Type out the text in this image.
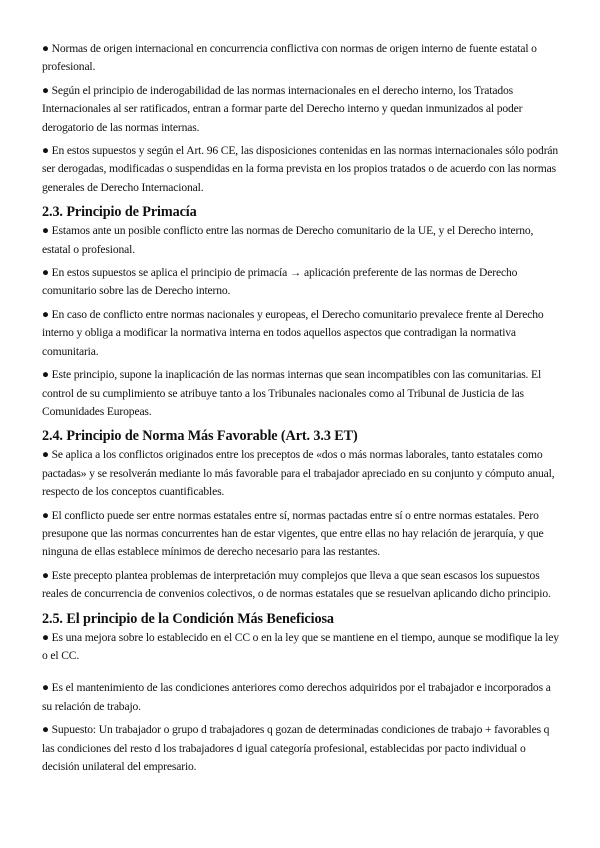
● Normas de origen internacional en concurrencia conflictiva con normas de origen interno de fuente estatal o profesional.

● Según el principio de inderogabilidad de las normas internacionales en el derecho interno, los Tratados Internacionales al ser ratificados, entran a formar parte del Derecho interno y quedan inmunizados al poder derogatorio de las normas internas.

● En estos supuestos y según el Art. 96 CE, las disposiciones contenidas en las normas internacionales sólo podrán ser derogadas, modificadas o suspendidas en la forma prevista en los propios tratados o de acuerdo con las normas generales de Derecho Internacional.

2.3. Principio de Primacía

● Estamos ante un posible conflicto entre las normas de Derecho comunitario de la UE, y el Derecho interno, estatal o profesional.

● En estos supuestos se aplica el principio de primacía → aplicación preferente de las normas de Derecho comunitario sobre las de Derecho interno.

● En caso de conflicto entre normas nacionales y europeas, el Derecho comunitario prevalece frente al Derecho interno y obliga a modificar la normativa interna en todos aquellos aspectos que contradigan la normativa comunitaria.

● Este principio, supone la inaplicación de las normas internas que sean incompatibles con las comunitarias. El control de su cumplimiento se atribuye tanto a los Tribunales nacionales como al Tribunal de Justicia de las Comunidades Europeas.

2.4. Principio de Norma Más Favorable (Art. 3.3 ET)

● Se aplica a los conflictos originados entre los preceptos de «dos o más normas laborales, tanto estatales como pactadas» y se resolverán mediante lo más favorable para el trabajador apreciado en su conjunto y cómputo anual, respecto de los conceptos cuantificables.

● El conflicto puede ser entre normas estatales entre sí, normas pactadas entre sí o entre normas estatales. Pero presupone que las normas concurrentes han de estar vigentes, que entre ellas no hay relación de jerarquía, y que ninguna de ellas establece mínimos de derecho necesario para las restantes.

● Este precepto plantea problemas de interpretación muy complejos que lleva a que sean escasos los supuestos reales de concurrencia de convenios colectivos, o de normas estatales que se resuelvan aplicando dicho principio.

2.5. El principio de la Condición Más Beneficiosa

● Es una mejora sobre lo establecido en el CC o en la ley que se mantiene en el tiempo, aunque se modifique la ley o el CC.

● Es el mantenimiento de las condiciones anteriores como derechos adquiridos por el trabajador e incorporados a su relación de trabajo.

● Supuesto: Un trabajador o grupo d trabajadores q gozan de determinadas condiciones de trabajo + favorables q las condiciones del resto d los trabajadores d igual categoría profesional, establecidas por pacto individual o decisión unilateral del empresario.
